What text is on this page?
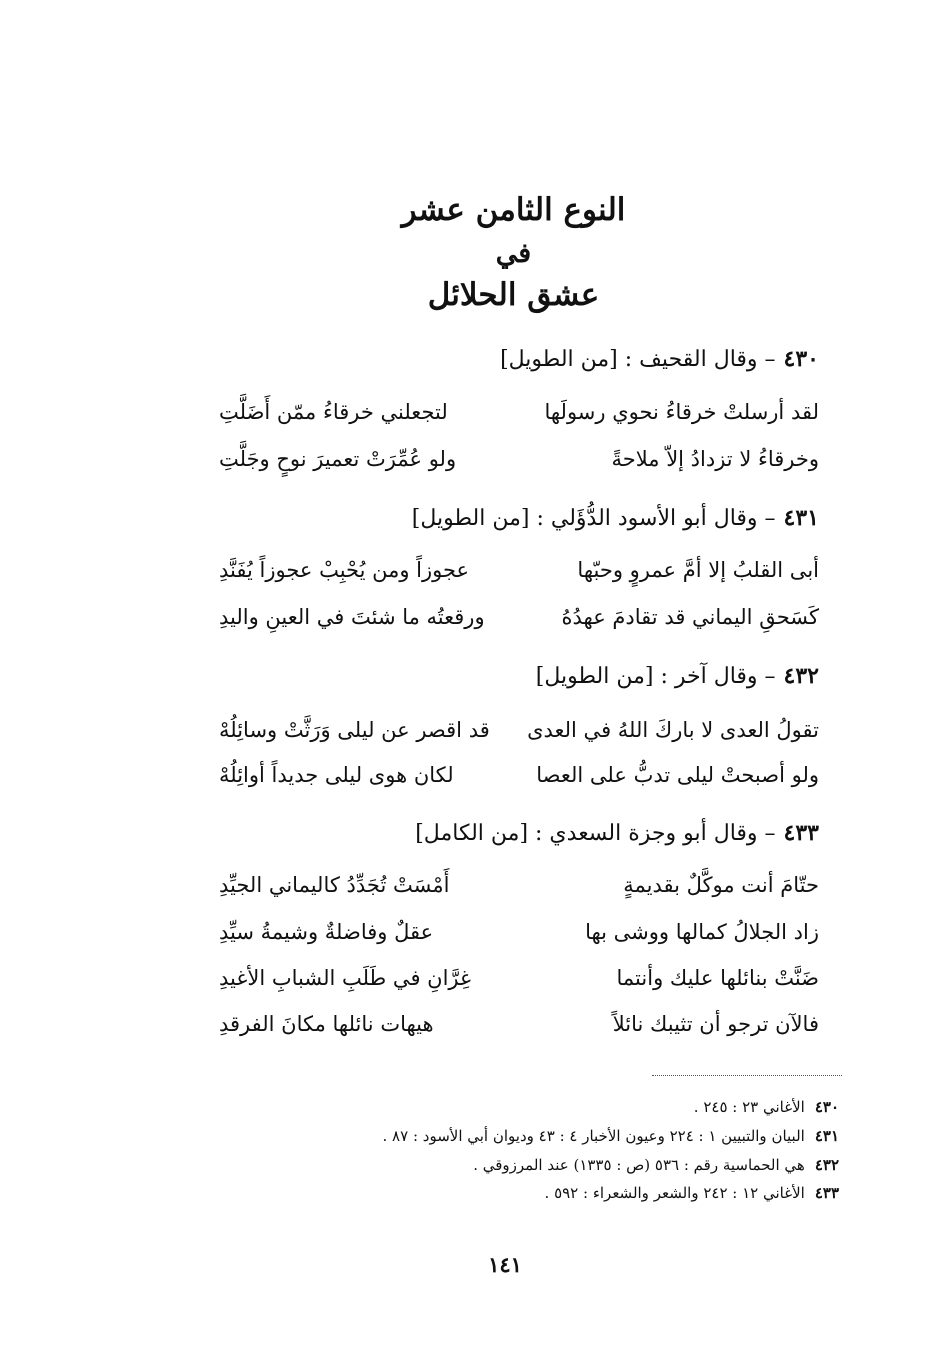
النوع الثامن عشر
في
عشق الحلائل
٤٣٠– وقال القحيف : [من الطويل]
لقد أرسلتْ خرقاءُ نحوي رسولَها
لتجعلني خرقاءُ ممّن أَضَلَّتِ
وخرقاءُ لا تزدادُ إلاّ ملاحةً
ولو عُمِّرَتْ تعميرَ نوحٍ وجَلَّتِ
٤٣١– وقال أبو الأسود الدُّؤَلي : [من الطويل]
أبى القلبُ إلا أمَّ عمروٍ وحبّها
عجوزاً ومن يُحْبِبْ عجوزاً يُفَنَّدِ
كَسَحقِ اليماني قد تقادمَ عهدُهُ
ورقعتُه ما شئتَ في العينِ واليدِ
٤٣٢– وقال آخر : [من الطويل]
تقولُ العدى لا باركَ اللهُ في العدى
قد اقصر عن ليلى وَرَثَّتْ وسائِلُهْ
ولو أصبحتْ ليلى تدبُّ على العصا
لكان هوى ليلى جديداً أوائِلُهْ
٤٣٣– وقال أبو وجزة السعدي : [من الكامل]
حتّامَ أنت موكَّلٌ بقديمةٍ
أَمْسَتْ تُجَدِّدُ كاليماني الجيِّدِ
زاد الجلالُ كمالها ووشى بها
عقلٌ وفاضلةٌ وشيمةُ سيِّدِ
ضَنَّتْ بنائلها عليك وأنتما
غِرَّانِ في طَلَبِ الشبابِ الأغيدِ
فالآن ترجو أن تثيبك نائلاً
هيهات نائلها مكانَ الفرقدِ
٤٣٠الأغاني ٢٣ : ٢٤٥ .
٤٣١البيان والتبيين ١ : ٢٢٤ وعيون الأخبار ٤ : ٤٣ وديوان أبي الأسود : ٨٧ .
٤٣٢هي الحماسية رقم : ٥٣٦ (ص : ١٣٣٥) عند المرزوقي .
٤٣٣الأغاني ١٢ : ٢٤٢ والشعر والشعراء : ٥٩٢ .
١٤١
